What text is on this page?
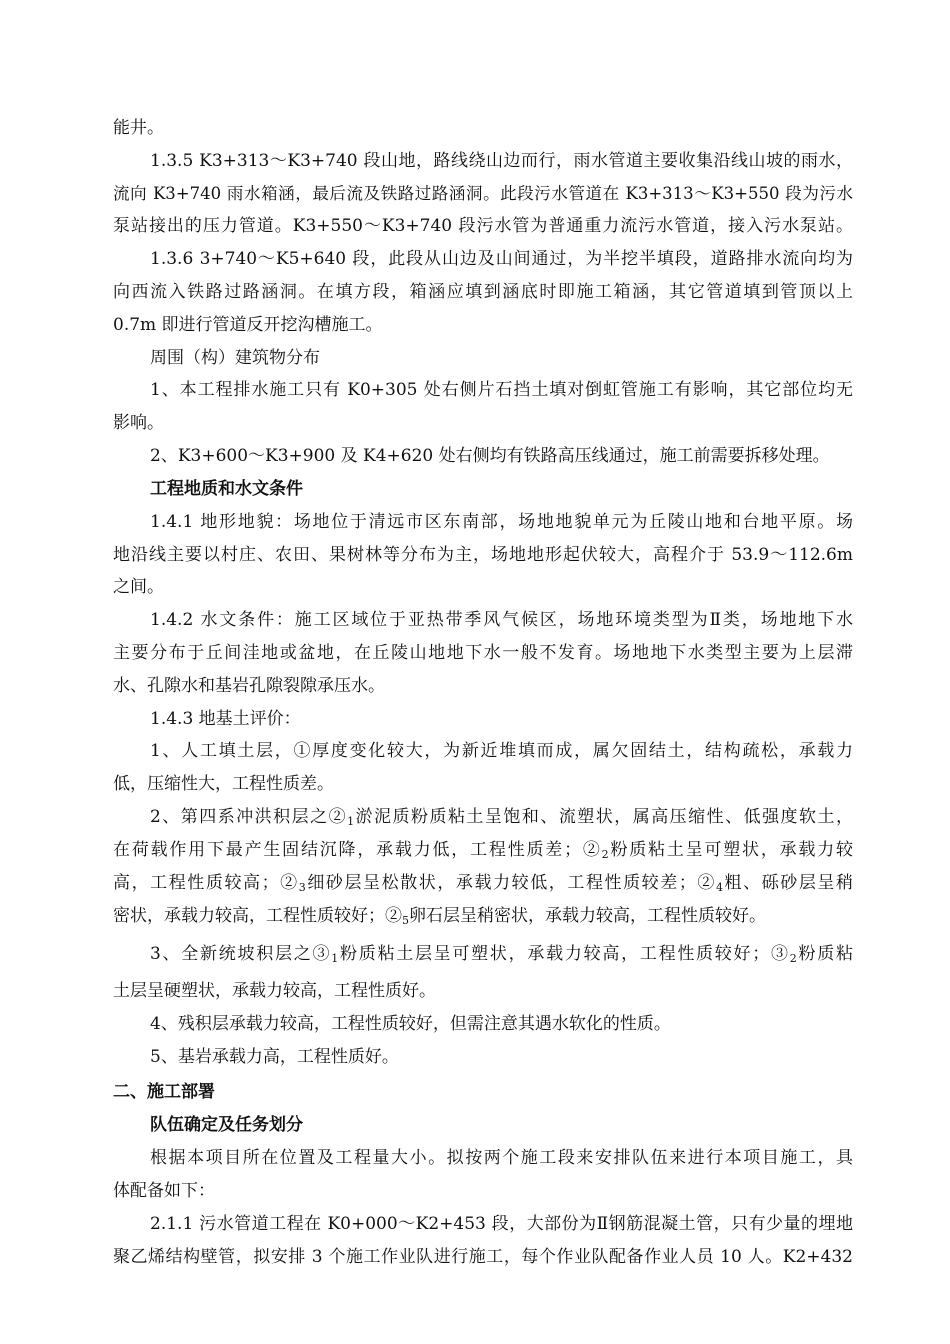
能井。
1.3.5 K3+313～K3+740 段山地，路线绕山边而行，雨水管道主要收集沿线山坡的雨水，
流向 K3+740 雨水箱涵，最后流及铁路过路涵洞。此段污水管道在 K3+313～K3+550 段为污水
泵站接出的压力管道。K3+550～K3+740 段污水管为普通重力流污水管道，接入污水泵站。
1.3.6 3+740～K5+640 段，此段从山边及山间通过，为半挖半填段，道路排水流向均为
向西流入铁路过路涵洞。在填方段，箱涵应填到涵底时即施工箱涵，其它管道填到管顶以上
0.7m 即进行管道反开挖沟槽施工。
周围（构）建筑物分布
1、本工程排水施工只有 K0+305 处右侧片石挡土填对倒虹管施工有影响，其它部位均无
影响。
2、K3+600～K3+900 及 K4+620 处右侧均有铁路高压线通过，施工前需要拆移处理。
工程地质和水文条件
1.4.1 地形地貌：场地位于清远市区东南部，场地地貌单元为丘陵山地和台地平原。场
地沿线主要以村庄、农田、果树林等分布为主，场地地形起伏较大，高程介于 53.9～112.6m
之间。
1.4.2 水文条件：施工区域位于亚热带季风气候区，场地环境类型为Ⅱ类，场地地下水
主要分布于丘间洼地或盆地，在丘陵山地地下水一般不发育。场地地下水类型主要为上层滞
水、孔隙水和基岩孔隙裂隙承压水。
1.4.3 地基土评价：
1、人工填土层，①厚度变化较大，为新近堆填而成，属欠固结土，结构疏松，承载力
低，压缩性大，工程性质差。
2、第四系冲洪积层之$②_1$淤泥质粉质粘土呈饱和、流塑状，属高压缩性、低强度软土，
在荷载作用下最产生固结沉降，承载力低，工程性质差；$②_2$粉质粘土呈可塑状，承载力较
高，工程性质较高；$②_3$细砂层呈松散状，承载力较低，工程性质较差；$②_4$粗、砾砂层呈稍
密状，承载力较高，工程性质较好；$②_5$卵石层呈稍密状，承载力较高，工程性质较好。
3、全新统坡积层之$③_1$粉质粘土层呈可塑状，承载力较高，工程性质较好；$③_2$粉质粘
土层呈硬塑状，承载力较高，工程性质好。
4、残积层承载力较高，工程性质较好，但需注意其遇水软化的性质。
5、基岩承载力高，工程性质好。
二、施工部署
队伍确定及任务划分
根据本项目所在位置及工程量大小。拟按两个施工段来安排队伍来进行本项目施工，具
体配备如下：
2.1.1 污水管道工程在 K0+000～K2+453 段，大部份为Ⅱ钢筋混凝土管，只有少量的埋地
聚乙烯结构壁管，拟安排 3 个施工作业队进行施工，每个作业队配备作业人员 10 人。K2+432
